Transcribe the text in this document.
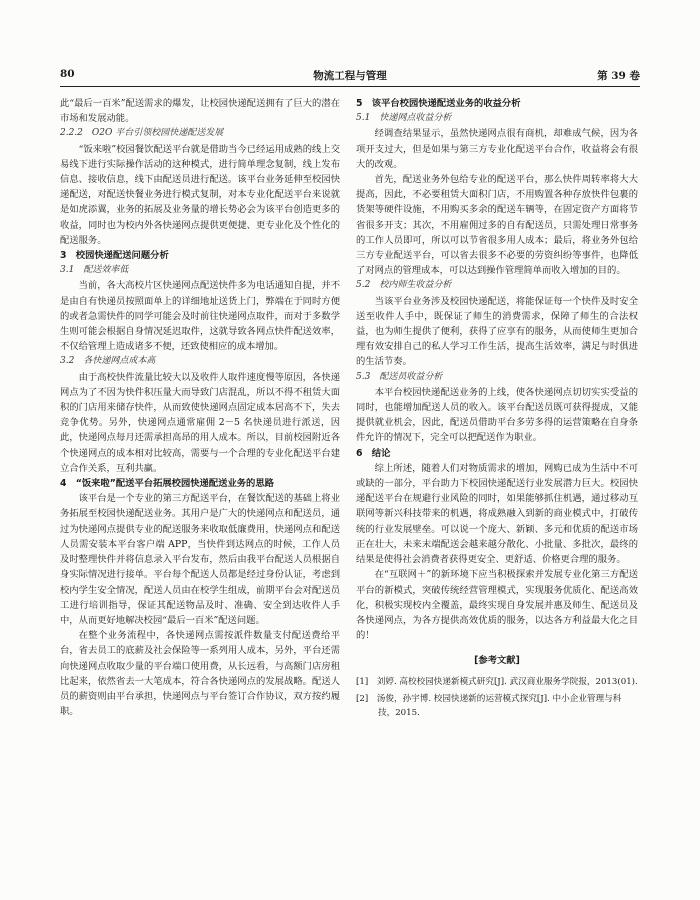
80	物流工程与管理	第 39 卷

此“最后一百米”配送需求的爆发，让校园快递配送拥有了巨大的潜在市场和发展动能。

2.2.2　O2O 平台引领校园快递配送发展

“饭来啦”校园餐饮配送平台就是借助当今已经运用成熟的线上交易线下进行实际操作活动的这种模式，进行简单理念复制，线上发布信息、接收信息，线下由配送员进行配送。该平台业务延伸至校园快递配送，对配送快餐业务进行模式复制，对本专业化配送平台来说就是如虎添翼，业务的拓展及业务量的增长势必会为该平台创造更多的收益，同时也为校内外各快递网点提供更便捷、更专业化及个性化的配送服务。

3　校园快递配送问题分析
3.1　配送效率低

当前，各大高校片区快递网点配送快件多为电话通知自提，并不是由自有快递员按照面单上的详细地址送货上门，弊端在于同时方便的或者急需快件的同学可能会及时前往快递网点取件，而对于多数学生则可能会根据自身情况延迟取件，这就导致各网点快件配送效率，不仅给管理上造成诸多不便，还致使相应的成本增加。

3.2　各快递网点成本高

由于高校快件流量比较大以及收件人取件速度慢等原因，各快递网点为了不因为快件积压量大而导致门店混乱，所以不得不租赁大面积的门店用来储存快件，从而致使快递网点固定成本居高不下，失去竞争优势。另外，快递网点通常雇佣 2－5 名快递员进行派送，因此，快递网点每月还需承担高昂的用人成本。所以，目前校园附近各个快递网点的成本相对比较高，需要与一个合理的专业化配送平台建立合作关系，互利共赢。

4　“饭来啦”配送平台拓展校园快递配送业务的思路

该平台是一个专业的第三方配送平台，在餐饮配送的基础上将业务拓展至校园快递配送业务。其用户是广大的快递网点和配送员，通过为快递网点提供专业的配送服务来收取低廉费用，快递网点和配送人员需安装本平台客户端 APP，当快件到达网点的时候，工作人员及时整理快件并将信息录入平台发布，然后由我平台配送人员根据自身实际情况进行接单。平台每个配送人员都是经过身份认证，考虑到校内学生安全情况，配送人员由在校学生组成，前期平台会对配送员工进行培训指导，保证其配送物品及时、准确、安全到达收件人手中，从而更好地解决校园“最后一百米”配送问题。

在整个业务流程中，各快递网点需按派件数量支付配送费给平台，省去员工的底薪及社会保险等一系列用人成本，另外，平台还需向快递网点收取少量的平台端口使用费，从长远看，与高额门店房租比起来，依然省去一大笔成本，符合各快递网点的发展战略。配送人员的薪资则由平台承担，快递网点与平台签订合作协议，双方按约履职。

5　该平台校园快递配送业务的收益分析
5.1　快递网点收益分析

经调查结果显示，虽然快递网点很有商机，却难成气候，因为各项开支过大，但是如果与第三方专业化配送平台合作，收益将会有很大的改观。

首先，配送业务外包给专业的配送平台，那么快件周转率将大大提高，因此，不必要租赁大面积门店，不用购置各种存放快件包裹的货架等硬件设施，不用购买多余的配送车辆等，在固定资产方面将节省很多开支；其次，不用雇佣过多的自有配送员，只需处理日常事务的工作人员即可，所以可以节省很多用人成本；最后，将业务外包给三方专业配送平台，可以省去很多不必要的劳资纠纷等事件，也降低了对网点的管理成本，可以达到操作管理简单而收入增加的目的。

5.2　校内师生收益分析

当该平台业务涉及校园快递配送，将能保证每一个快件及时安全送至收件人手中，既保证了师生的消费需求，保障了师生的合法权益，也为师生提供了便利，获得了应享有的服务，从而使师生更加合理有效安排自己的私人学习工作生活，提高生活效率，满足与时俱进的生活节奏。

5.3　配送员收益分析

本平台校园快递配送业务的上线，使各快递网点切切实实受益的同时，也能增加配送人员的收入。该平台配送员既可获得提成，又能提供就业机会，因此，配送员借助平台多劳多得的运营策略在自身条件允许的情况下，完全可以把配送作为职业。

6　结论

综上所述，随着人们对物质需求的增加，网购已成为生活中不可或缺的一部分，平台助力下校园快递配送行业发展潜力巨大。校园快递配送平台在规避行业风险的同时，如果能够抓住机遇，通过移动互联网等新兴科技带来的机遇，将成熟融入到新的商业模式中，打破传统的行业发展壁垒。可以说一个庞大、新颖、多元和优质的配送市场正在壮大，未来末端配送会越来越分散化、小批量、多批次，最终的结果是使得社会消费者获得更安全、更舒适、价格更合理的服务。

在“互联网＋”的新环境下应当积极探索并发展专业化第三方配送平台的新模式，突破传统经营管理模式，实现服务优质化、配送高效化，积极实现校内全覆盖，最终实现自身发展并惠及师生、配送员及各快递网点，为各方提供高效优质的服务，以达各方利益最大化之目的！

[参考文献]
[1]　刘婷. 高校校园快递新模式研究[J]. 武汉商业服务学院报，2013(01).
[2]　汤俊，孙宇博. 校园快递新的运营模式探究[J]. 中小企业管理与科技，2015.
